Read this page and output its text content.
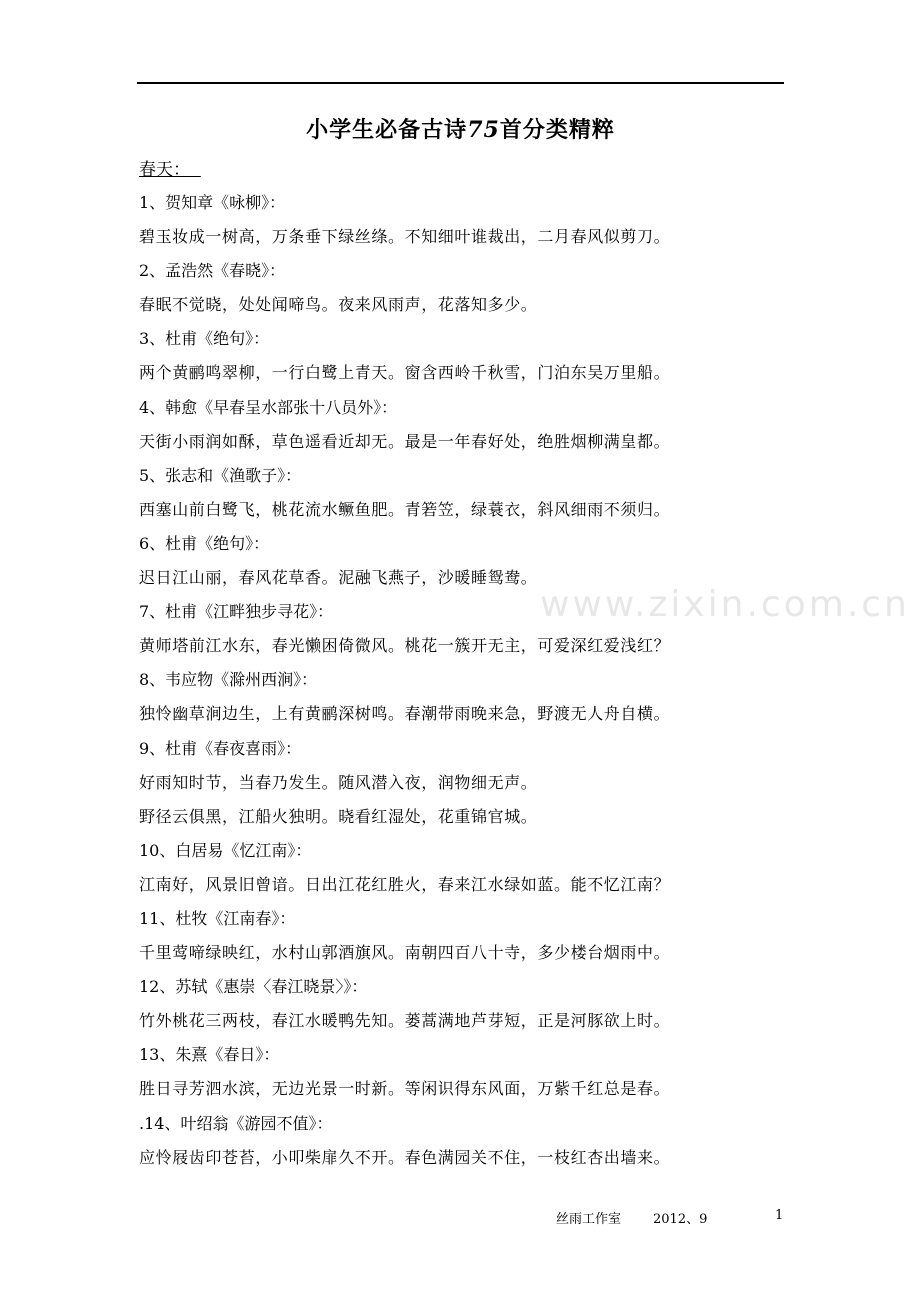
小学生必备古诗75首分类精粹
春天：
1、贺知章《咏柳》：
碧玉妆成一树高，万条垂下绿丝绦。不知细叶谁裁出，二月春风似剪刀。
2、孟浩然《春晓》：
春眠不觉晓，处处闻啼鸟。夜来风雨声，花落知多少。
3、杜甫《绝句》：
两个黄鹂鸣翠柳，一行白鹭上青天。窗含西岭千秋雪，门泊东吴万里船。
4、韩愈《早春呈水部张十八员外》：
天街小雨润如酥，草色遥看近却无。最是一年春好处，绝胜烟柳满皇都。
5、张志和《渔歌子》：
西塞山前白鹭飞，桃花流水鳜鱼肥。青箬笠，绿蓑衣，斜风细雨不须归。
6、杜甫《绝句》：
迟日江山丽，春风花草香。泥融飞燕子，沙暖睡鸳鸯。
7、杜甫《江畔独步寻花》：
黄师塔前江水东，春光懒困倚微风。桃花一簇开无主，可爱深红爱浅红？
8、韦应物《滁州西涧》：
独怜幽草涧边生，上有黄鹂深树鸣。春潮带雨晚来急，野渡无人舟自横。
9、杜甫《春夜喜雨》：
好雨知时节，当春乃发生。随风潜入夜，润物细无声。
野径云俱黑，江船火独明。晓看红湿处，花重锦官城。
10、白居易《忆江南》：
江南好，风景旧曾谙。日出江花红胜火，春来江水绿如蓝。能不忆江南？
11、杜牧《江南春》：
千里莺啼绿映红，水村山郭酒旗风。南朝四百八十寺，多少楼台烟雨中。
12、苏轼《惠崇〈春江晓景〉》：
竹外桃花三两枝，春江水暖鸭先知。蒌蒿满地芦芽短，正是河豚欲上时。
13、朱熹《春日》：
胜日寻芳泗水滨，无边光景一时新。等闲识得东风面，万紫千红总是春。
.14、叶绍翁《游园不值》：
应怜屐齿印苍苔，小叩柴扉久不开。春色满园关不住，一枝红杏出墙来。
www.zixin.com.cn
丝雨工作室 2012、9	1
